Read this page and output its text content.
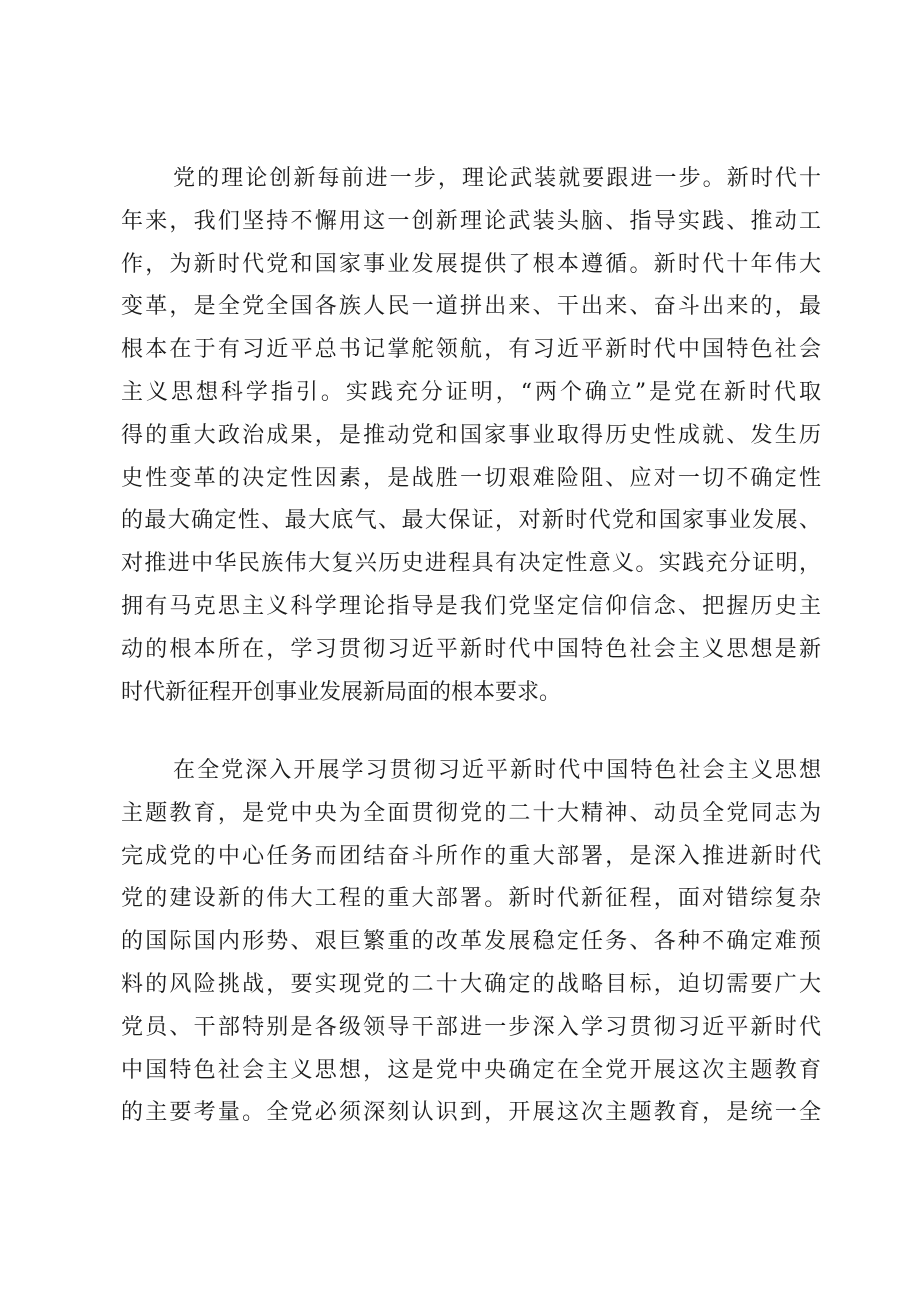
党的理论创新每前进一步，理论武装就要跟进一步。新时代十
年来，我们坚持不懈用这一创新理论武装头脑、指导实践、推动工
作，为新时代党和国家事业发展提供了根本遵循。新时代十年伟大
变革，是全党全国各族人民一道拼出来、干出来、奋斗出来的，最
根本在于有习近平总书记掌舵领航，有习近平新时代中国特色社会
主义思想科学指引。实践充分证明，“两个确立”是党在新时代取
得的重大政治成果，是推动党和国家事业取得历史性成就、发生历
史性变革的决定性因素，是战胜一切艰难险阻、应对一切不确定性
的最大确定性、最大底气、最大保证，对新时代党和国家事业发展、
对推进中华民族伟大复兴历史进程具有决定性意义。实践充分证明，
拥有马克思主义科学理论指导是我们党坚定信仰信念、把握历史主
动的根本所在，学习贯彻习近平新时代中国特色社会主义思想是新
时代新征程开创事业发展新局面的根本要求。
在全党深入开展学习贯彻习近平新时代中国特色社会主义思想
主题教育，是党中央为全面贯彻党的二十大精神、动员全党同志为
完成党的中心任务而团结奋斗所作的重大部署，是深入推进新时代
党的建设新的伟大工程的重大部署。新时代新征程，面对错综复杂
的国际国内形势、艰巨繁重的改革发展稳定任务、各种不确定难预
料的风险挑战，要实现党的二十大确定的战略目标，迫切需要广大
党员、干部特别是各级领导干部进一步深入学习贯彻习近平新时代
中国特色社会主义思想，这是党中央确定在全党开展这次主题教育
的主要考量。全党必须深刻认识到，开展这次主题教育，是统一全
